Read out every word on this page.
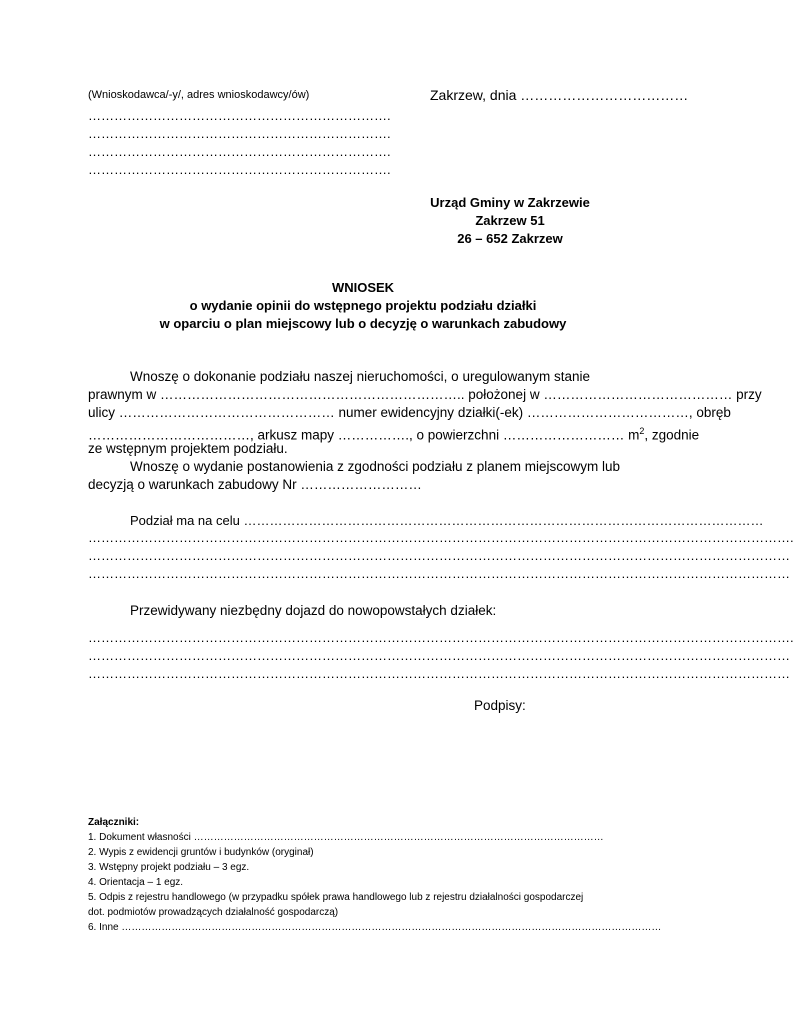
(Wnioskodawca/-y/, adres wnioskodawcy/ów)	Zakrzew, dnia ………………………………
…………………………………………………………….
…………………………………………………………….
…………………………………………………………….
…………………………………………………………….
Urząd Gminy w Zakrzewie
Zakrzew 51
26 – 652 Zakrzew
WNIOSEK
o wydanie opinii do wstępnego projektu podziału działki
w oparciu o plan miejscowy lub o decyzję o warunkach zabudowy
Wnoszę o dokonanie podziału naszej nieruchomości, o uregulowanym stanie
prawnym w ………………………………………………………….. położonej w …………………………………… przy
ulicy ………………………………………… numer ewidencyjny działki(-ek) ………………………………, obręb
………………………………, arkusz mapy ……………., o powierzchni ……………………… $m^2$, zgodnie
ze wstępnym projektem podziału.
Wnoszę o wydanie postanowienia z zgodności podziału z planem miejscowym lub
decyzją o warunkach zabudowy Nr ………………………
Podział ma na celu …………………………………………………………………………………………………………
……………………………………………………………………………………………………………………………………………….
………………………………………………………………………………………………………………………………………………
………………………………………………………………………………………………………………………………………………
Przewidywany niezbędny dojazd do nowopowstałych działek:
……………………………………………………………………………………………………………………………………………….
………………………………………………………………………………………………………………………………………………
………………………………………………………………………………………………………………………………………………
Podpisy:
Załączniki:
1. Dokument własności ……………………………………………………………………………………………………………
2. Wypis z ewidencji gruntów i budynków (oryginał)
3. Wstępny projekt podziału – 3 egz.
4. Orientacja – 1 egz.
5. Odpis z rejestru handlowego (w przypadku spółek prawa handlowego lub z rejestru działalności gospodarczej
dot. podmiotów prowadzących działalność gospodarczą)
6. Inne ………………………………………………………………………………………………………………………………………………
